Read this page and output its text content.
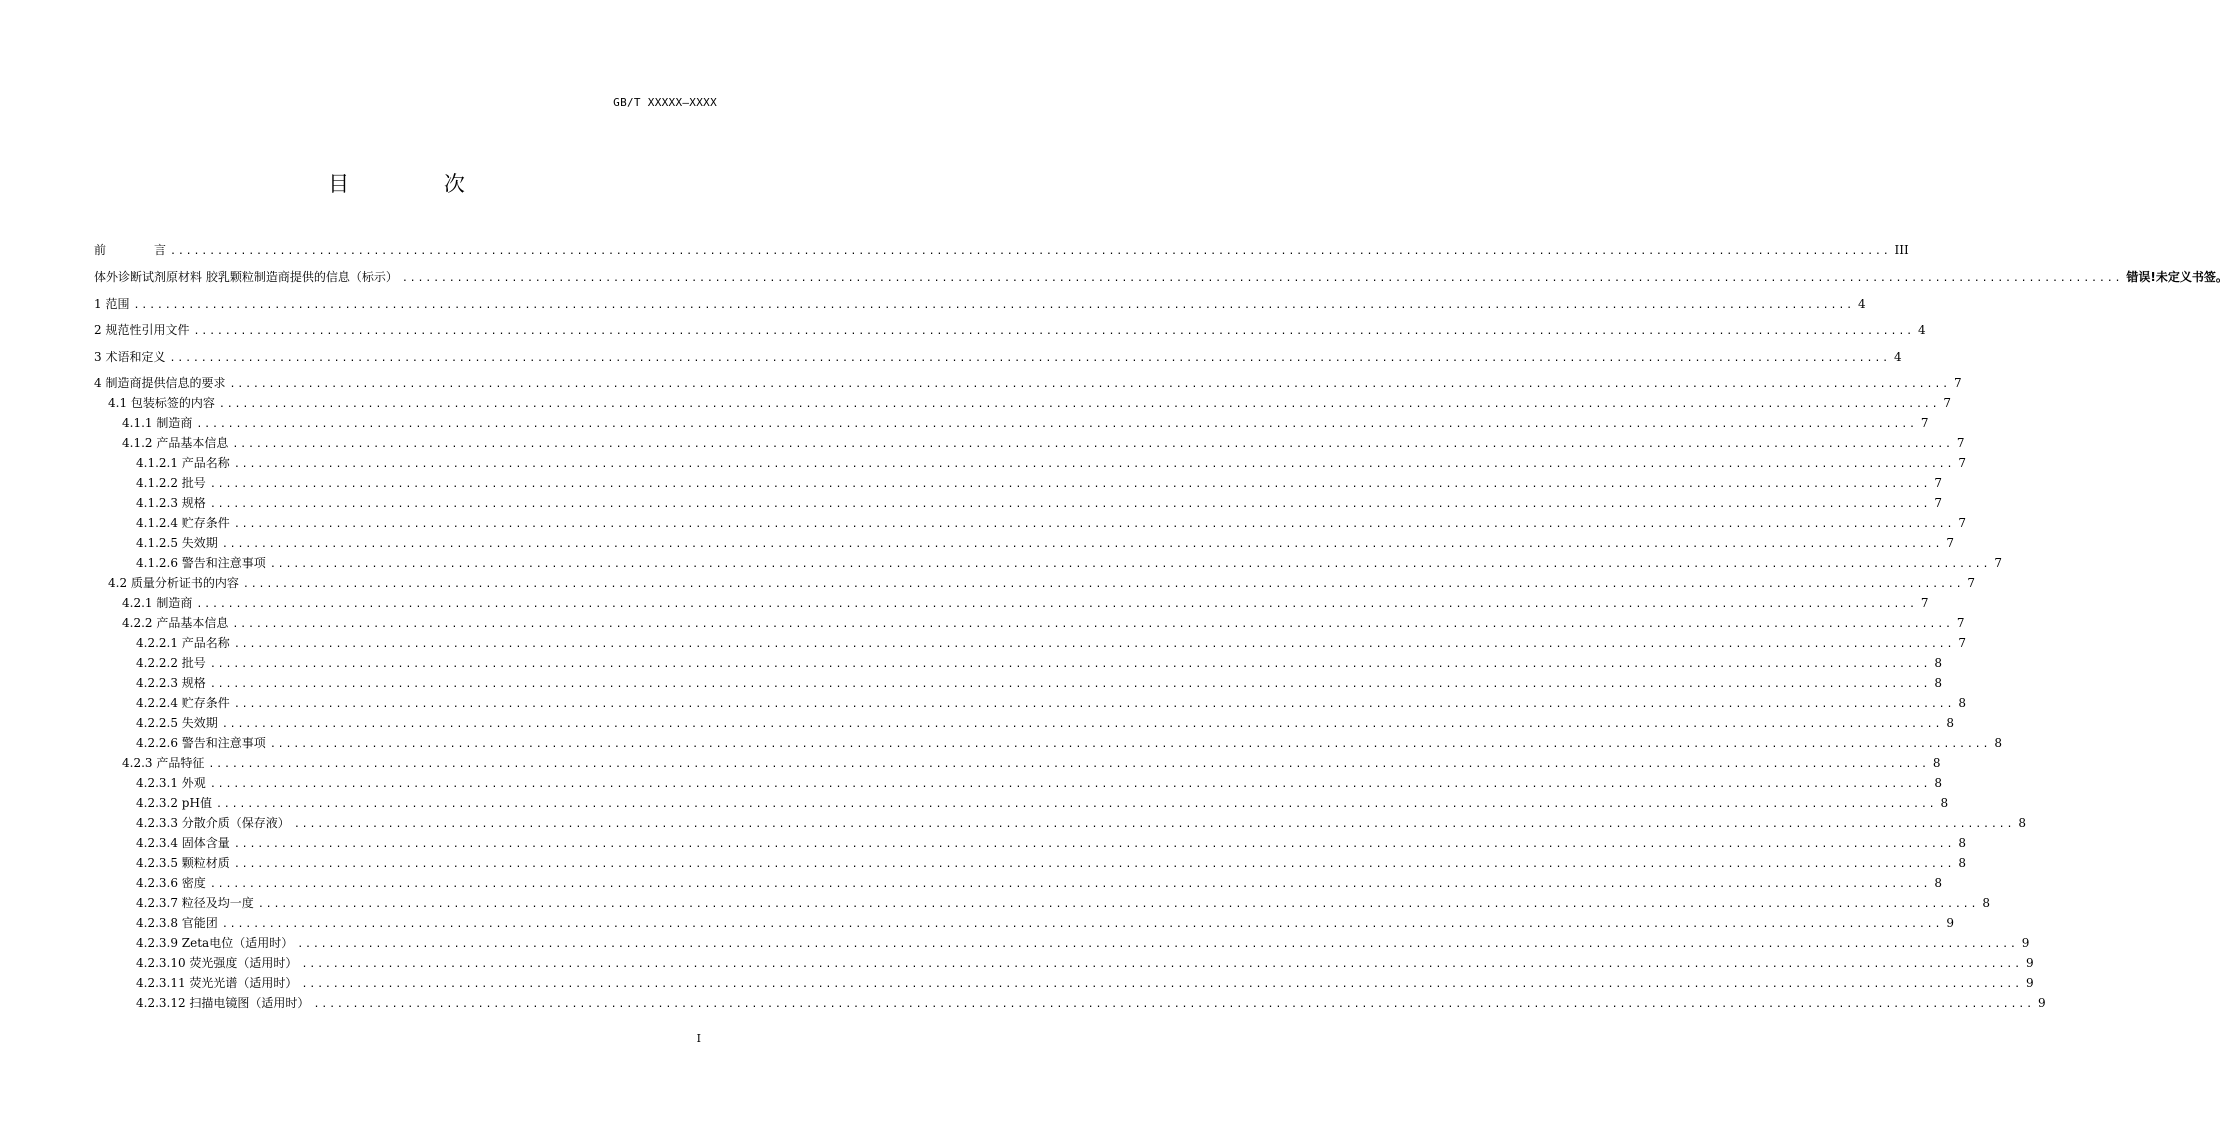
GB/T XXXXX—XXXX
目 次
前	言 ............................................................................................................................................................................................................................ III
体外诊断试剂原材料 胶乳颗粒制造商提供的信息（标示） ............................................................................................................................................................................................................................ 错误!未定义书签。
1 范围 ............................................................................................................................................................................................................................ 4
2 规范性引用文件 ............................................................................................................................................................................................................................ 4
3 术语和定义 ............................................................................................................................................................................................................................ 4
4 制造商提供信息的要求 ............................................................................................................................................................................................................................ 7
4.1 包装标签的内容 ............................................................................................................................................................................................................................ 7
4.1.1 制造商 ............................................................................................................................................................................................................................ 7
4.1.2 产品基本信息 ............................................................................................................................................................................................................................ 7
4.1.2.1 产品名称 ............................................................................................................................................................................................................................ 7
4.1.2.2 批号 ............................................................................................................................................................................................................................ 7
4.1.2.3 规格 ............................................................................................................................................................................................................................ 7
4.1.2.4 贮存条件 ............................................................................................................................................................................................................................ 7
4.1.2.5 失效期 ............................................................................................................................................................................................................................ 7
4.1.2.6 警告和注意事项 ............................................................................................................................................................................................................................ 7
4.2 质量分析证书的内容 ............................................................................................................................................................................................................................ 7
4.2.1 制造商 ............................................................................................................................................................................................................................ 7
4.2.2 产品基本信息 ............................................................................................................................................................................................................................ 7
4.2.2.1 产品名称 ............................................................................................................................................................................................................................ 7
4.2.2.2 批号 ............................................................................................................................................................................................................................ 8
4.2.2.3 规格 ............................................................................................................................................................................................................................ 8
4.2.2.4 贮存条件 ............................................................................................................................................................................................................................ 8
4.2.2.5 失效期 ............................................................................................................................................................................................................................ 8
4.2.2.6 警告和注意事项 ............................................................................................................................................................................................................................ 8
4.2.3 产品特征 ............................................................................................................................................................................................................................ 8
4.2.3.1 外观 ............................................................................................................................................................................................................................ 8
4.2.3.2 pH值 ............................................................................................................................................................................................................................ 8
4.2.3.3 分散介质（保存液） ............................................................................................................................................................................................................................ 8
4.2.3.4 固体含量 ............................................................................................................................................................................................................................ 8
4.2.3.5 颗粒材质 ............................................................................................................................................................................................................................ 8
4.2.3.6 密度 ............................................................................................................................................................................................................................ 8
4.2.3.7 粒径及均一度 ............................................................................................................................................................................................................................ 8
4.2.3.8 官能团 ............................................................................................................................................................................................................................ 9
4.2.3.9 Zeta电位（适用时） ............................................................................................................................................................................................................................ 9
4.2.3.10 荧光强度（适用时） ............................................................................................................................................................................................................................ 9
4.2.3.11 荧光光谱（适用时） ............................................................................................................................................................................................................................ 9
4.2.3.12 扫描电镜图（适用时） ............................................................................................................................................................................................................................ 9
I
